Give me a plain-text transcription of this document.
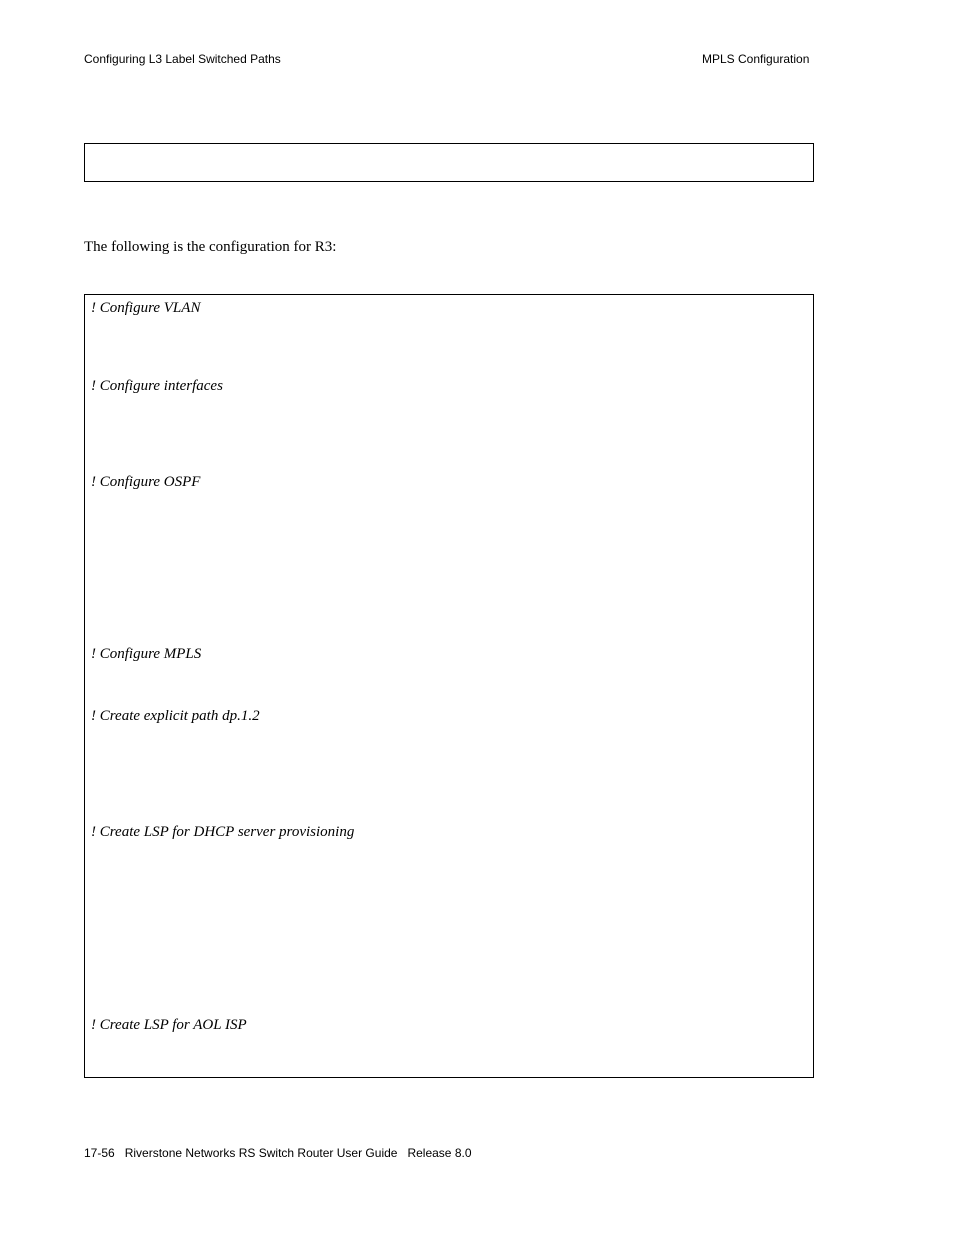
Configuring L3 Label Switched Paths	MPLS Configuration
The following is the configuration for R3:
! Configure VLAN
! Configure interfaces
! Configure OSPF
! Configure MPLS
! Create explicit path dp.1.2
! Create LSP for DHCP server provisioning
! Create LSP for AOL ISP
17-56   Riverstone Networks RS Switch Router User Guide   Release 8.0
